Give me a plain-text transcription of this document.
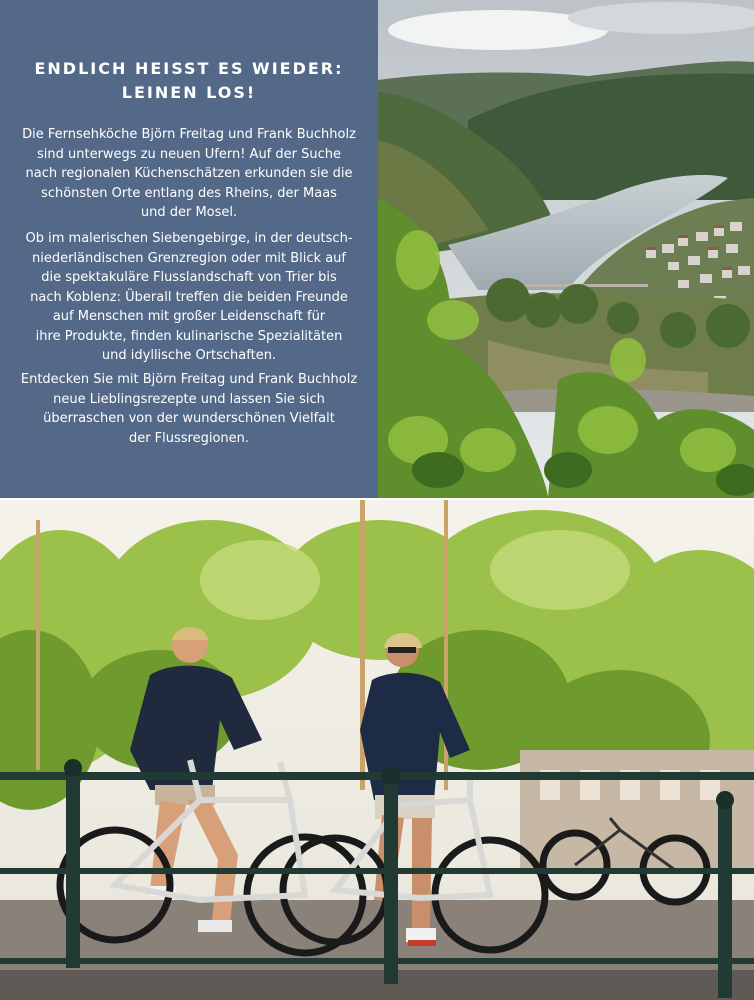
ENDLICH HEISST ES WIEDER:
LEINEN LOS!

Die Fernsehköche Björn Freitag und Frank Buchholz
sind unterwegs zu neuen Ufern! Auf der Suche
nach regionalen Küchenschätzen erkunden sie die
schönsten Orte entlang des Rheins, der Maas
und der Mosel.

Ob im malerischen Siebengebirge, in der deutsch-
niederländischen Grenzregion oder mit Blick auf
die spektakuläre Flusslandschaft von Trier bis
nach Koblenz: Überall treffen die beiden Freunde
auf Menschen mit großer Leidenschaft für
ihre Produkte, finden kulinarische Spezialitäten
und idyllische Ortschaften.

Entdecken Sie mit Björn Freitag und Frank Buchholz
neue Lieblingsrezepte und lassen Sie sich
überraschen von der wunderschönen Vielfalt
der Flussregionen.
